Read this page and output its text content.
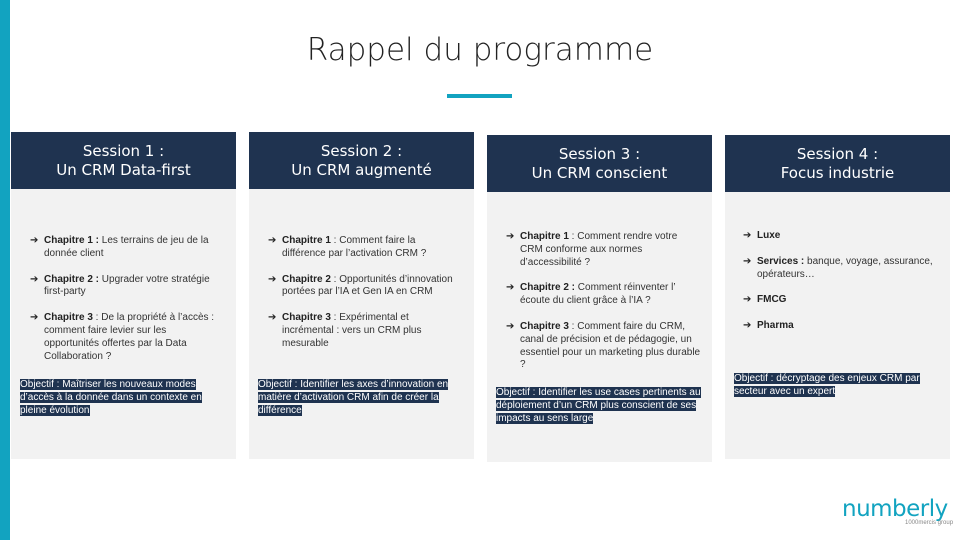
Rappel du programme
Session 1 :
Un CRM Data-first
➔ Chapitre 1 : Les terrains de jeu de la donnée client
➔ Chapitre 2 : Upgrader votre stratégie first-party
➔ Chapitre 3 : De la propriété à l’accès : comment faire levier sur les opportunités offertes par la Data Collaboration ?
Objectif : Maîtriser les nouveaux modes d’accès à la donnée dans un contexte en pleine évolution
Session 2 :
Un CRM augmenté
➔ Chapitre 1 : Comment faire la différence par l’activation CRM ?
➔ Chapitre 2 : Opportunités d’innovation portées par l’IA et Gen IA en CRM
➔ Chapitre 3 : Expérimental et incrémental : vers un CRM plus mesurable
Objectif : Identifier les axes d’innovation en matière d’activation CRM afin de créer la différence
Session 3 :
Un CRM conscient
➔ Chapitre 1 : Comment rendre votre CRM conforme aux normes d’accessibilité ?
➔ Chapitre 2 : Comment réinventer l’ écoute du client grâce à l’IA ?
➔ Chapitre 3 : Comment faire du CRM, canal de précision et de pédagogie, un essentiel pour un marketing plus durable ?
Objectif : Identifier les use cases pertinents au déploiement d’un CRM plus conscient de ses impacts au sens large
Session 4 :
Focus industrie
➔ Luxe
➔ Services : banque, voyage, assurance, opérateurs…
➔ FMCG
➔ Pharma
Objectif : décryptage des enjeux CRM par secteur avec un expert
numberly
1000mercis group
